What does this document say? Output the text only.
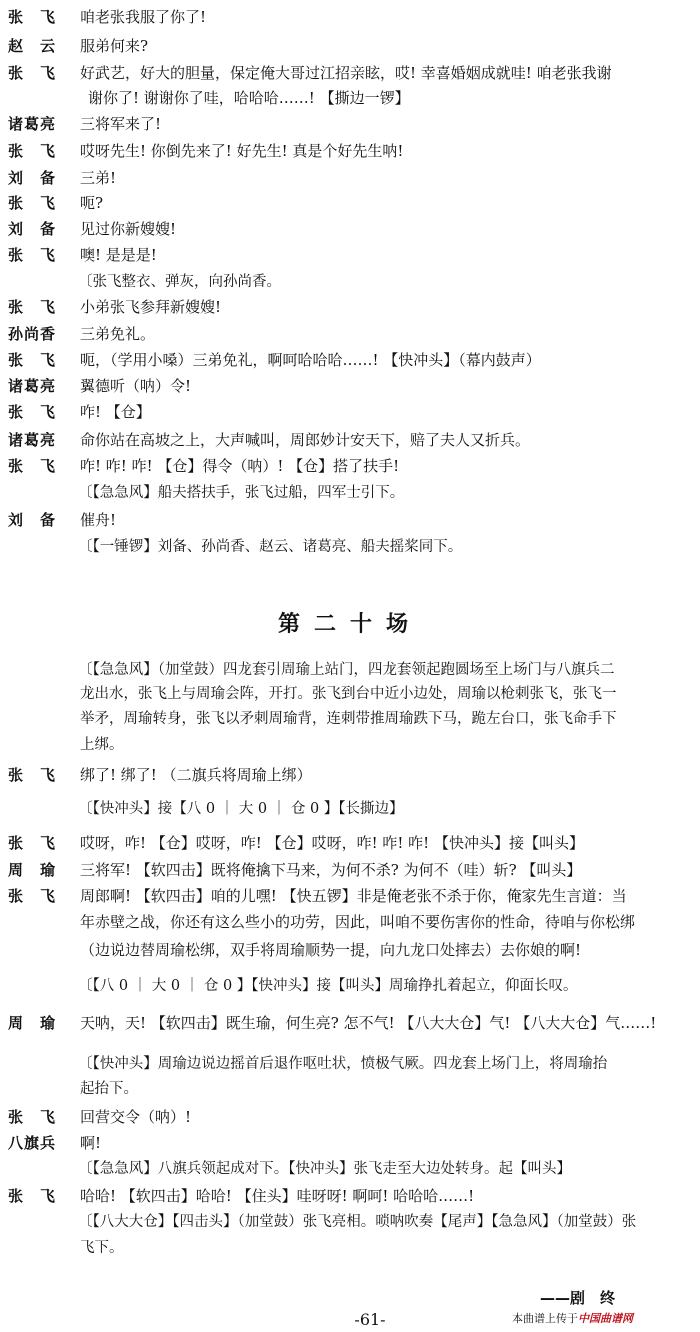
张　飞	咱老张我服了你了!
赵　云	服弟何来?
张　飞	好武艺，好大的胆量，保定俺大哥过江招亲眩，哎! 幸喜婚姻成就哇! 咱老张我谢
谢你了! 谢谢你了哇，哈哈哈……! 【撕边一锣】
诸葛亮	三将军来了!
张　飞	哎呀先生! 你倒先来了! 好先生! 真是个好先生呐!
刘　备	三弟!
张　飞	呃?
刘　备	见过你新嫂嫂!
张　飞	噢! 是是是!
〔张飞整衣、弹灰，向孙尚香。
张　飞	小弟张飞参拜新嫂嫂!
孙尚香	三弟免礼。
张　飞	呃，（学用小嗓）三弟免礼，啊呵哈哈哈……! 【快冲头】（幕内鼓声）
诸葛亮	翼德听（呐）令!
张　飞	咋! 【仓】
诸葛亮	命你站在高坡之上，大声喊叫，周郎妙计安天下，赔了夫人又折兵。
张　飞	咋! 咋! 咋! 【仓】得令（呐）! 【仓】搭了扶手!
〔【急急风】船夫搭扶手，张飞过船，四军士引下。
刘　备	催舟!
〔【一锤锣】刘备、孙尚香、赵云、诸葛亮、船夫摇桨同下。
第二十场
〔【急急风】（加堂鼓）四龙套引周瑜上站门，四龙套领起跑圆场至上场门与八旗兵二
龙出水，张飞上与周瑜会阵，开打。张飞到台中近小边处，周瑜以枪刺张飞，张飞一
举矛，周瑜转身，张飞以矛刺周瑜背，连刺带推周瑜跌下马，跪左台口，张飞命手下
上绑。
张　飞	绑了! 绑了! （二旗兵将周瑜上绑）
〔【快冲头】接【八 0 ｜ 大 0 ｜ 仓 0 】【长撕边】
张　飞	哎呀，咋! 【仓】哎呀，咋! 【仓】哎呀，咋! 咋! 咋! 【快冲头】接【叫头】
周　瑜	三将军! 【软四击】既将俺擒下马来，为何不杀? 为何不（哇）斩? 【叫头】
张　飞	周郎啊! 【软四击】咱的儿嘿! 【快五锣】非是俺老张不杀于你，俺家先生言道：当
年赤壁之战，你还有这么些小的功劳，因此，叫咱不要伤害你的性命，待咱与你松绑
（边说边替周瑜松绑，双手将周瑜顺势一提，向九龙口处摔去）去你娘的啊!
〔【八 0 ｜ 大 0 ｜ 仓 0 】【快冲头】接【叫头】周瑜挣扎着起立，仰面长叹。
周　瑜	天呐，天! 【软四击】既生瑜，何生亮? 怎不气! 【八大大仓】气! 【八大大仓】气……!
〔【快冲头】周瑜边说边摇首后退作呕吐状，愤极气厥。四龙套上场门上，将周瑜抬
起抬下。
张　飞	回营交令（呐）!
八旗兵	啊!
〔【急急风】八旗兵领起成对下。【快冲头】张飞走至大边处转身。起【叫头】
张　飞	哈哈! 【软四击】哈哈! 【住头】哇呀呀! 啊呵! 哈哈哈……!
〔【八大大仓】【四击头】（加堂鼓）张飞亮相。唢呐吹奏【尾声】【急急风】（加堂鼓）张
飞下。
——剧　终
-61-	本曲谱上传于中国曲谱网
